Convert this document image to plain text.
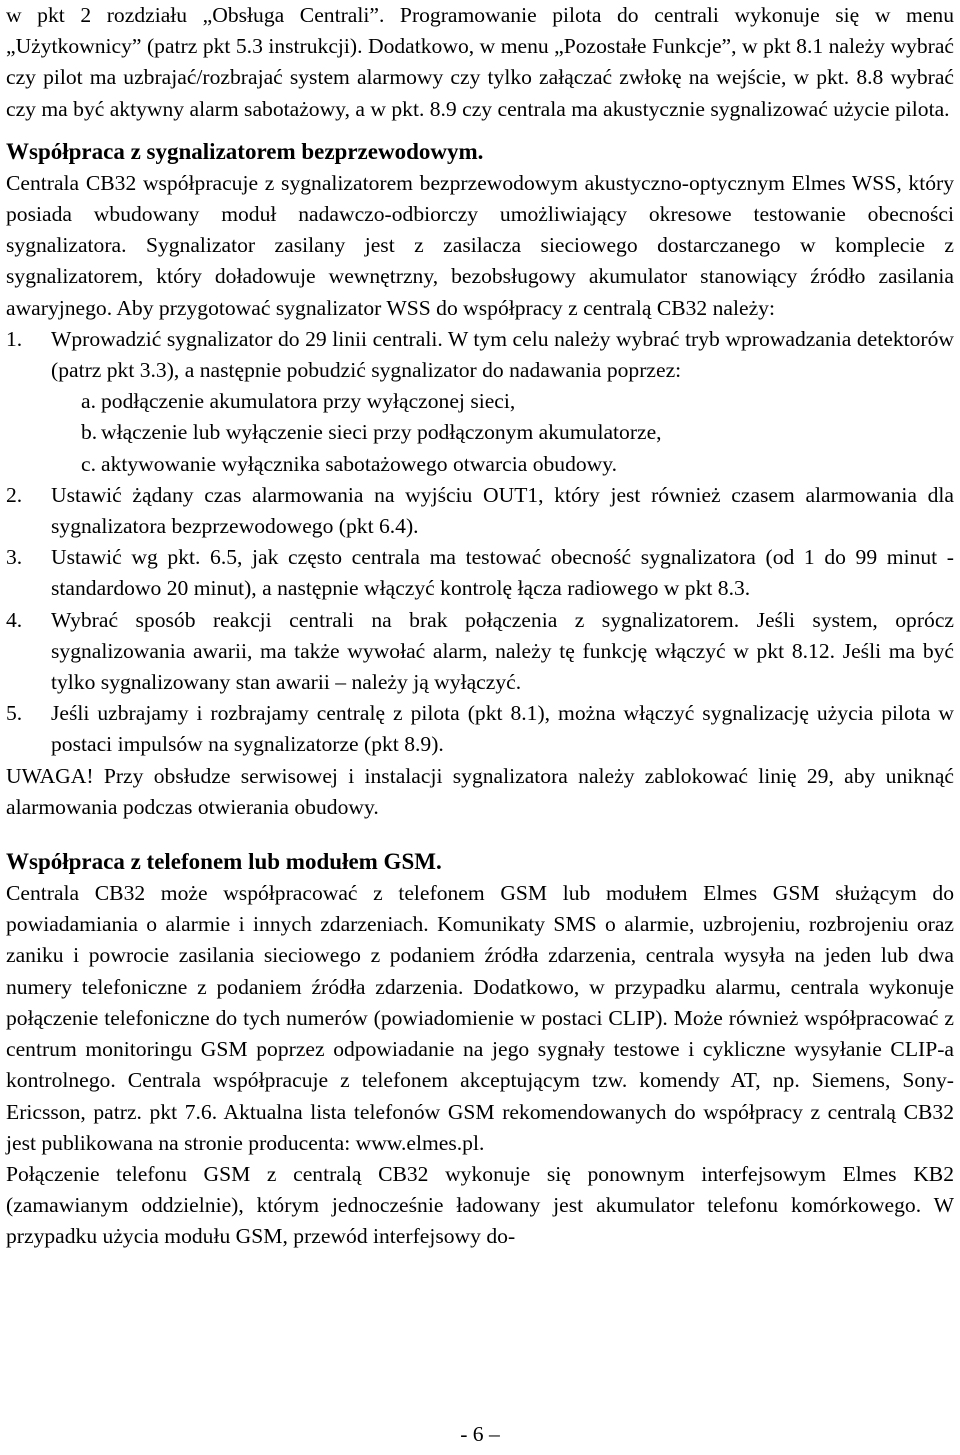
w pkt 2 rozdziału „Obsługa Centrali”. Programowanie pilota do centrali wykonuje się w menu „Użytkownicy” (patrz pkt 5.3 instrukcji). Dodatkowo, w menu „Pozostałe Funkcje”, w pkt 8.1 należy wybrać czy pilot ma uzbrajać/rozbrajać system alarmowy czy tylko załączać zwłokę na wejście, w pkt. 8.8 wybrać czy ma być aktywny alarm sabotażowy, a w pkt. 8.9 czy centrala ma akustycznie sygnalizować użycie pilota.

Współpraca z sygnalizatorem bezprzewodowym.

Centrala CB32 współpracuje z sygnalizatorem bezprzewodowym akustyczno-optycznym Elmes WSS, który posiada wbudowany moduł nadawczo-odbiorczy umożliwiający okresowe testowanie obecności sygnalizatora. Sygnalizator zasilany jest z zasilacza sieciowego dostarczanego w komplecie z sygnalizatorem, który doładowuje wewnętrzny, bezobsługowy akumulator stanowiący źródło zasilania awaryjnego. Aby przygotować sygnalizator WSS do współpracy z centralą CB32 należy:

1. Wprowadzić sygnalizator do 29 linii centrali. W tym celu należy wybrać tryb wprowadzania detektorów (patrz pkt 3.3), a następnie pobudzić sygnalizator do nadawania poprzez:
a. podłączenie akumulatora przy wyłączonej sieci,
b. włączenie lub wyłączenie sieci przy podłączonym akumulatorze,
c. aktywowanie wyłącznika sabotażowego otwarcia obudowy.
2. Ustawić żądany czas alarmowania na wyjściu OUT1, który jest również czasem alarmowania dla sygnalizatora bezprzewodowego (pkt 6.4).
3. Ustawić wg pkt. 6.5, jak często centrala ma testować obecność sygnalizatora (od 1 do 99 minut - standardowo 20 minut), a następnie włączyć kontrolę łącza radiowego w pkt 8.3.
4. Wybrać sposób reakcji centrali na brak połączenia z sygnalizatorem. Jeśli system, oprócz sygnalizowania awarii, ma także wywołać alarm, należy tę funkcję włączyć w pkt 8.12. Jeśli ma być tylko sygnalizowany stan awarii – należy ją wyłączyć.
5. Jeśli uzbrajamy i rozbrajamy centralę z pilota (pkt 8.1), można włączyć sygnalizację użycia pilota w postaci impulsów na sygnalizatorze (pkt 8.9).

UWAGA! Przy obsłudze serwisowej i instalacji sygnalizatora należy zablokować linię 29, aby uniknąć alarmowania podczas otwierania obudowy.

Współpraca z telefonem lub modułem GSM.

Centrala CB32 może współpracować z telefonem GSM lub modułem Elmes GSM służącym do powiadamiania o alarmie i innych zdarzeniach. Komunikaty SMS o alarmie, uzbrojeniu, rozbrojeniu oraz zaniku i powrocie zasilania sieciowego z podaniem źródła zdarzenia, centrala wysyła na jeden lub dwa numery telefoniczne z podaniem źródła zdarzenia. Dodatkowo, w przypadku alarmu, centrala wykonuje połączenie telefoniczne do tych numerów (powiadomienie w postaci CLIP). Może również współpracować z centrum monitoringu GSM poprzez odpowiadanie na jego sygnały testowe i cykliczne wysyłanie CLIP-a kontrolnego. Centrala współpracuje z telefonem akceptującym tzw. komendy AT, np. Siemens, Sony-Ericsson, patrz. pkt 7.6. Aktualna lista telefonów GSM rekomendowanych do współpracy z centralą CB32 jest publikowana na stronie producenta: www.elmes.pl.

Połączenie telefonu GSM z centralą CB32 wykonuje się ponownym interfejsowym Elmes KB2 (zamawianym oddzielnie), którym jednocześnie ładowany jest akumulator telefonu komórkowego. W przypadku użycia modułu GSM, przewód interfejsowy do-

- 6 –
